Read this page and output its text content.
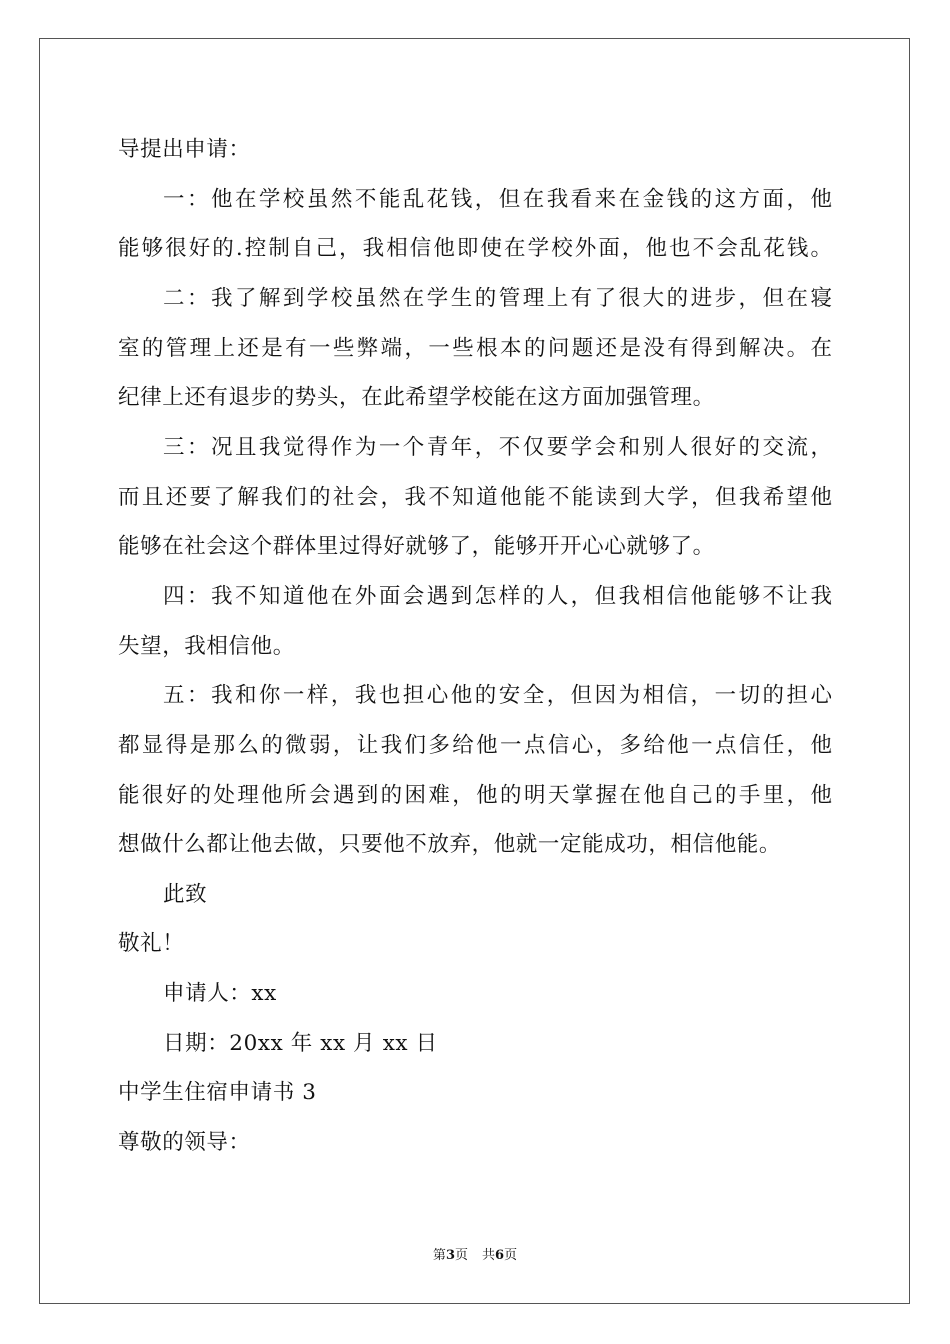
导提出申请：
一：他在学校虽然不能乱花钱，但在我看来在金钱的这方面，他
能够很好的.控制自己，我相信他即使在学校外面，他也不会乱花钱。
二：我了解到学校虽然在学生的管理上有了很大的进步，但在寝
室的管理上还是有一些弊端，一些根本的问题还是没有得到解决。在
纪律上还有退步的势头，在此希望学校能在这方面加强管理。
三：况且我觉得作为一个青年，不仅要学会和别人很好的交流，
而且还要了解我们的社会，我不知道他能不能读到大学，但我希望他
能够在社会这个群体里过得好就够了，能够开开心心就够了。
四：我不知道他在外面会遇到怎样的人，但我相信他能够不让我
失望，我相信他。
五：我和你一样，我也担心他的安全，但因为相信，一切的担心
都显得是那么的微弱，让我们多给他一点信心，多给他一点信任，他
能很好的处理他所会遇到的困难，他的明天掌握在他自己的手里，他
想做什么都让他去做，只要他不放弃，他就一定能成功，相信他能。
此致
敬礼！
申请人：xx
日期：20xx 年 xx 月 xx 日
中学生住宿申请书 3
尊敬的领导：
第3页 共6页
